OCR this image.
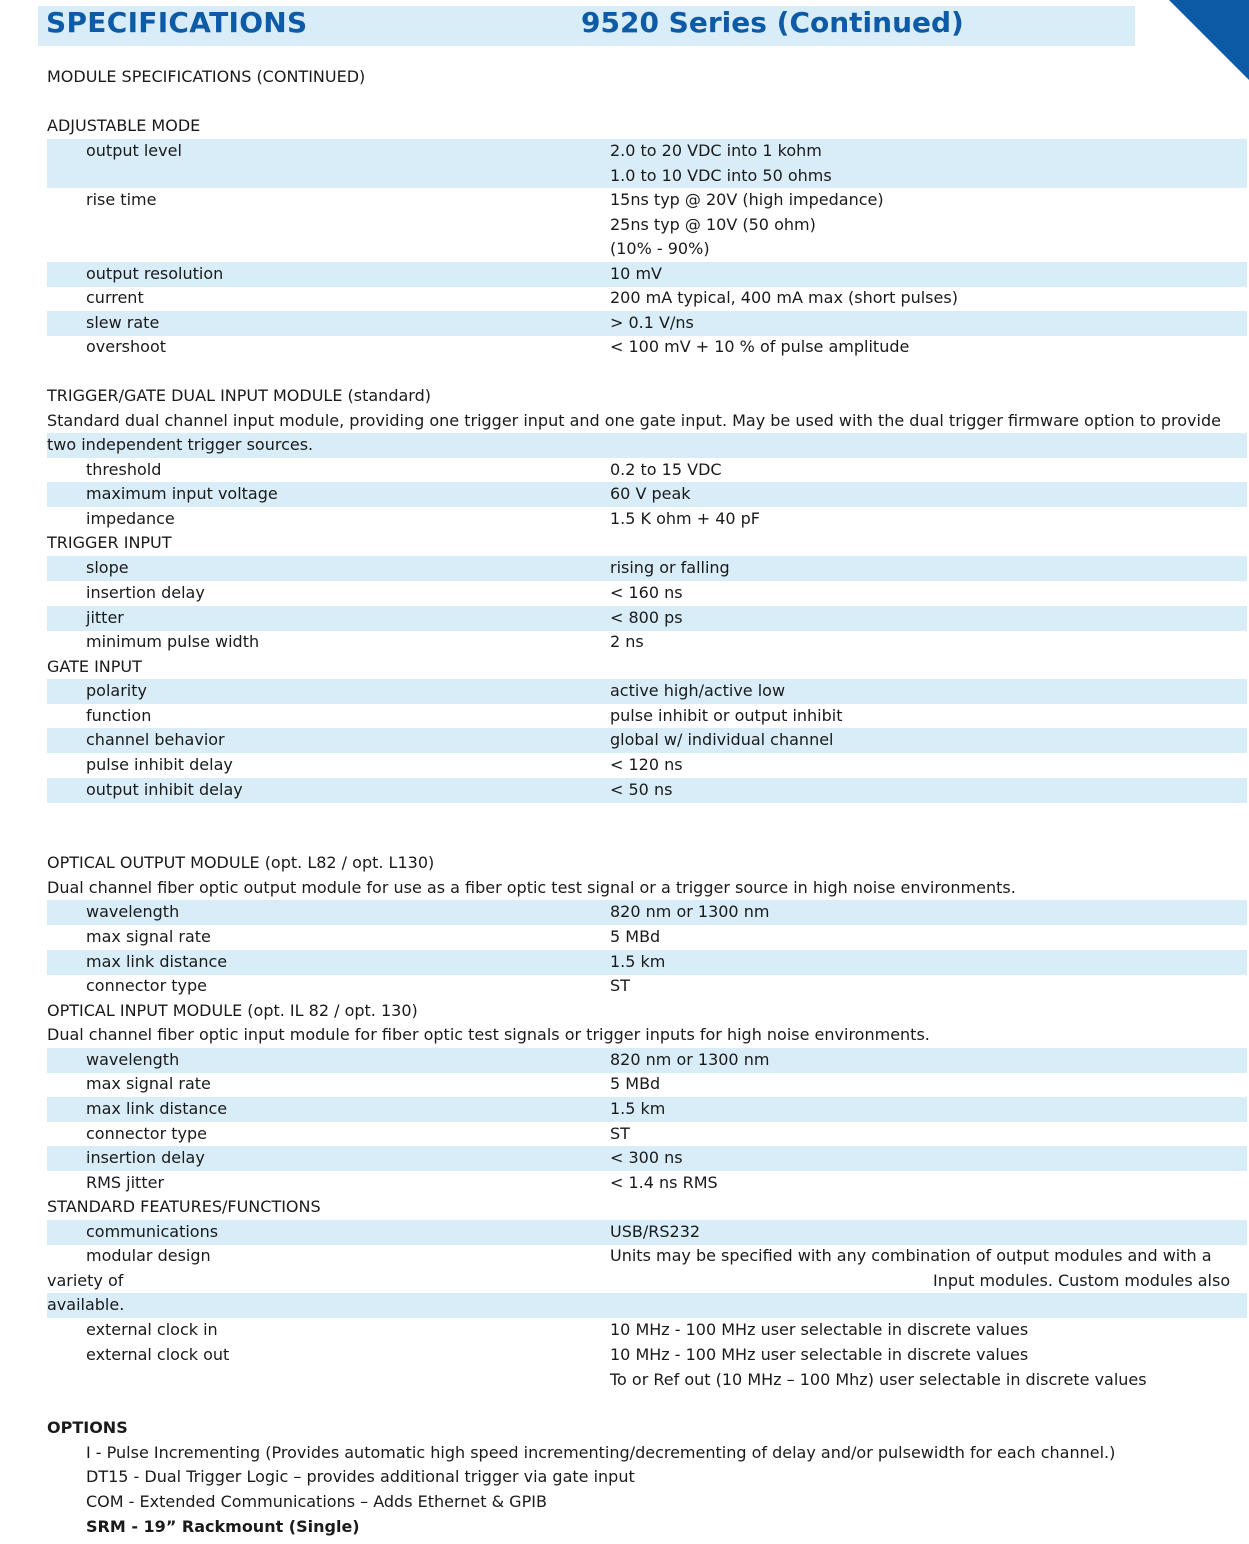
SPECIFICATIONS	9520 Series (Continued)
MODULE SPECIFICATIONS (CONTINUED)
ADJUSTABLE MODE
output level	2.0 to 20 VDC into 1 kohm
1.0 to 10 VDC into 50 ohms
rise time	15ns typ @ 20V (high impedance)
25ns typ @ 10V (50 ohm)
(10% - 90%)
output resolution	10 mV
current	200 mA typical, 400 mA max (short pulses)
slew rate	> 0.1 V/ns
overshoot	< 100 mV + 10 % of pulse amplitude
TRIGGER/GATE DUAL INPUT MODULE (standard)
Standard dual channel input module, providing one trigger input and one gate input. May be used with the dual trigger firmware option to provide
two independent trigger sources.
threshold	0.2 to 15 VDC
maximum input voltage	60 V peak
impedance	1.5 K ohm + 40 pF
TRIGGER INPUT
slope	rising or falling
insertion delay	< 160 ns
jitter	< 800 ps
minimum pulse width	2 ns
GATE INPUT
polarity	active high/active low
function	pulse inhibit or output inhibit
channel behavior	global w/ individual channel
pulse inhibit delay	< 120 ns
output inhibit delay	< 50 ns
OPTICAL OUTPUT MODULE (opt. L82 / opt. L130)
Dual channel fiber optic output module for use as a fiber optic test signal or a trigger source in high noise environments.
wavelength	820 nm or 1300 nm
max signal rate	5 MBd
max link distance	1.5 km
connector type	ST
OPTICAL INPUT MODULE (opt. IL 82 / opt. 130)
Dual channel fiber optic input module for fiber optic test signals or trigger inputs for high noise environments.
wavelength	820 nm or 1300 nm
max signal rate	5 MBd
max link distance	1.5 km
connector type	ST
insertion delay	< 300 ns
RMS jitter	< 1.4 ns RMS
STANDARD FEATURES/FUNCTIONS
communications	USB/RS232
modular design	Units may be specified with any combination of output modules and with a
variety of	Input modules. Custom modules also
available.
external clock in	10 MHz - 100 MHz user selectable in discrete values
external clock out	10 MHz - 100 MHz user selectable in discrete values
To or Ref out (10 MHz – 100 Mhz) user selectable in discrete values
OPTIONS
I - Pulse Incrementing (Provides automatic high speed incrementing/decrementing of delay and/or pulsewidth for each channel.)
DT15 - Dual Trigger Logic – provides additional trigger via gate input
COM - Extended Communications – Adds Ethernet & GPIB
SRM - 19” Rackmount (Single)
